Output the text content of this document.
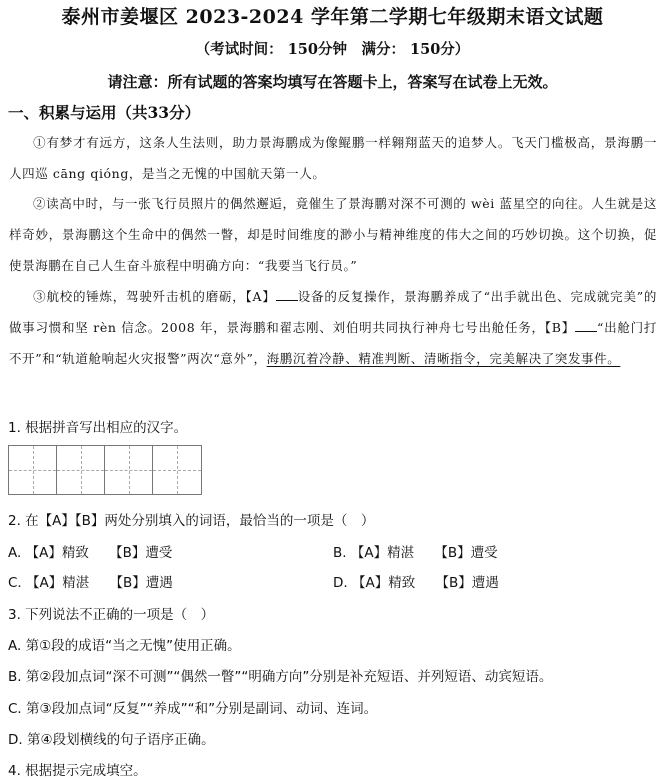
泰州市姜堰区 2023-2024 学年第二学期七年级期末语文试题
（考试时间： 150分钟　满分： 150分）
请注意：所有试题的答案均填写在答题卡上，答案写在试卷上无效。
一、积累与运用（共33分）
①有梦才有远方，这条人生法则，助力景海鹏成为像鲲鹏一样翱翔蓝天的追梦人。飞天门槛极高，景海鹏一人四巡 cāng qióng，是当之无愧的中国航天第一人。
②读高中时，与一张飞行员照片的偶然邂逅，竟催生了景海鹏对深不可测的 wèi 蓝星空的向往。人生就是这样奇妙，景海鹏这个生命中的偶然一瞥，却是时间维度的渺小与精神维度的伟大之间的巧妙切换。这个切换，促使景海鹏在自己人生奋斗旅程中明确方向：“我要当飞行员。”
③航校的锤炼，驾驶歼击机的磨砺，【A】 设备的反复操作，景海鹏养成了“出手就出色、完成就完美”的做事习惯和坚 rèn 信念。2008 年，景海鹏和翟志刚、刘伯明共同执行神舟七号出舱任务，【B】 “出舱门打不开”和“轨道舱响起火灾报警”两次“意外”，海鹏沉着冷静、精准判断、清晰指令，完美解决了突发事件。
1. 根据拼音写出相应的汉字。
2. 在【A】【B】两处分别填入的词语，最恰当的一项是（　）
A. 【A】精致　　【B】遭受	B. 【A】精湛　　【B】遭受
C. 【A】精湛　　【B】遭遇	D. 【A】精致　　【B】遭遇
3. 下列说法不正确的一项是（　）
A. 第①段的成语“当之无愧”使用正确。
B. 第②段加点词“深不可测”“偶然一瞥”“明确方向”分别是补充短语、并列短语、动宾短语。
C. 第③段加点词“反复”“养成”“和”分别是副词、动词、连词。
D. 第④段划横线的句子语序正确。
4. 根据提示完成填空。
